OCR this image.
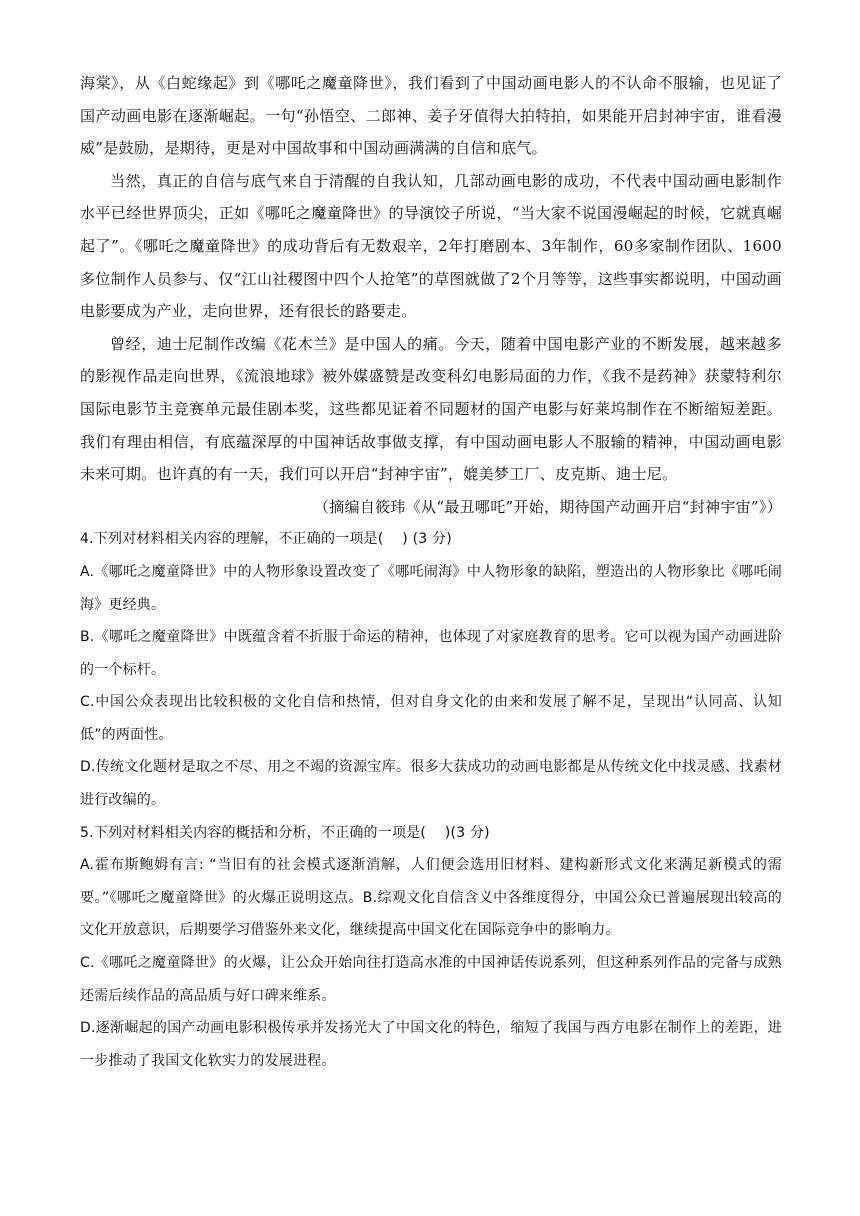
海棠》，从《白蛇缘起》到《哪吒之魔童降世》，我们看到了中国动画电影人的不认命不服输，也见证了国产动画电影在逐渐崛起。一句“孙悟空、二郎神、姜子牙值得大拍特拍，如果能开启封神宇宙，谁看漫威”是鼓励，是期待，更是对中国故事和中国动画满满的自信和底气。

当然，真正的自信与底气来自于清醒的自我认知，几部动画电影的成功，不代表中国动画电影制作水平已经世界顶尖，正如《哪吒之魔童降世》的导演饺子所说，“当大家不说国漫崛起的时候，它就真崛起了”。《哪吒之魔童降世》的成功背后有无数艰辛，2年打磨剧本、3年制作，60多家制作团队、1600多位制作人员参与、仅“江山社稷图中四个人抢笔”的草图就做了2个月等等，这些事实都说明，中国动画电影要成为产业，走向世界，还有很长的路要走。

曾经，迪士尼制作改编《花木兰》是中国人的痛。今天，随着中国电影产业的不断发展，越来越多的影视作品走向世界，《流浪地球》被外媒盛赞是改变科幻电影局面的力作，《我不是药神》获蒙特利尔国际电影节主竞赛单元最佳剧本奖，这些都见证着不同题材的国产电影与好莱坞制作在不断缩短差距。我们有理由相信，有底蕴深厚的中国神话故事做支撑，有中国动画电影人不服输的精神，中国动画电影未来可期。也许真的有一天，我们可以开启“封神宇宙”，媲美梦工厂、皮克斯、迪士尼。

（摘编自筱玮《从“最丑哪吒”开始，期待国产动画开启“封神宇宙”》）

4.下列对材料相关内容的理解，不正确的一项是(　 ) (3 分)

A.《哪吒之魔童降世》中的人物形象设置改变了《哪吒闹海》中人物形象的缺陷，塑造出的人物形象比《哪吒闹海》更经典。

B.《哪吒之魔童降世》中既蕴含着不折服于命运的精神，也体现了对家庭教育的思考。它可以视为国产动画进阶的一个标杆。

C.中国公众表现出比较积极的文化自信和热情，但对自身文化的由来和发展了解不足，呈现出“认同高、认知低”的两面性。

D.传统文化题材是取之不尽、用之不竭的资源宝库。很多大获成功的动画电影都是从传统文化中找灵感、找素材进行改编的。

5.下列对材料相关内容的概括和分析，不正确的一项是(　 )(3 分)

A.霍布斯鲍姆有言: “当旧有的社会模式逐渐消解，人们便会选用旧材料、建构新形式文化来满足新模式的需要。”《哪吒之魔童降世》的火爆正说明这点。B.综观文化自信含义中各维度得分，中国公众已普遍展现出较高的文化开放意识，后期要学习借鉴外来文化，继续提高中国文化在国际竞争中的影响力。

C.《哪吒之魔童降世》的火爆，让公众开始向往打造高水准的中国神话传说系列，但这种系列作品的完备与成熟还需后续作品的高品质与好口碑来维系。

D.逐渐崛起的国产动画电影积极传承并发扬光大了中国文化的特色，缩短了我国与西方电影在制作上的差距，进一步推动了我国文化软实力的发展进程。
